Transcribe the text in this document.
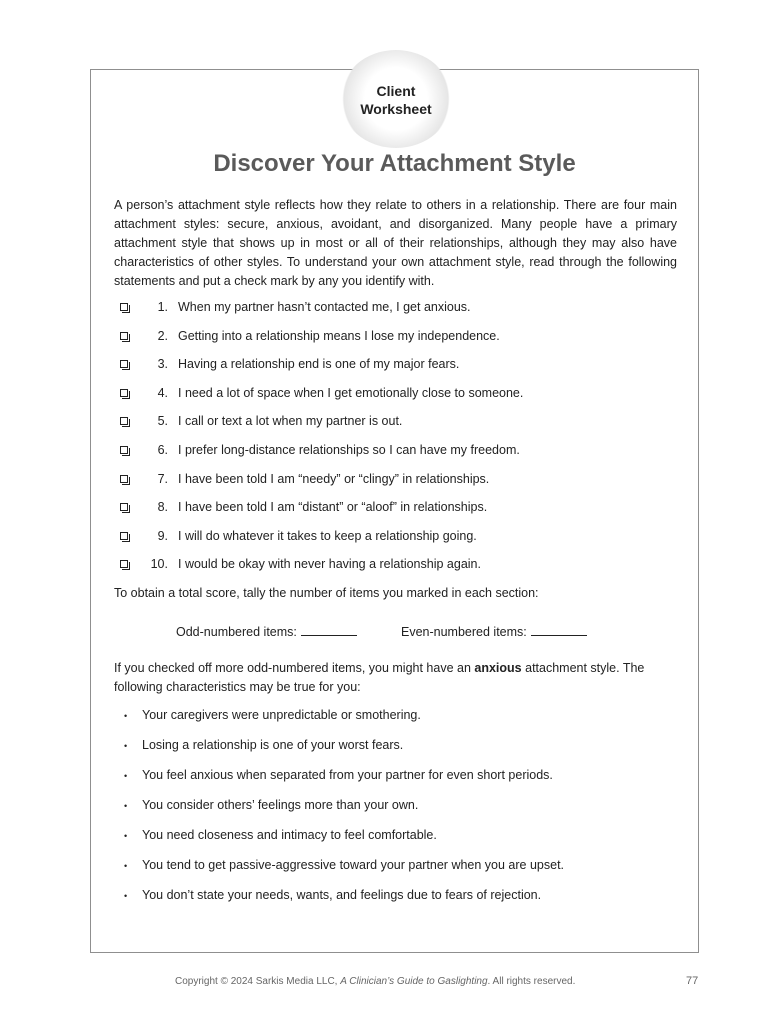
Client
Worksheet
Discover Your Attachment Style
A person’s attachment style reflects how they relate to others in a relationship. There are four main attachment styles: secure, anxious, avoidant, and disorganized. Many people have a primary attachment style that shows up in most or all of their relationships, although they may also have characteristics of other styles. To understand your own attachment style, read through the following statements and put a check mark by any you identify with.
1. When my partner hasn’t contacted me, I get anxious.
2. Getting into a relationship means I lose my independence.
3. Having a relationship end is one of my major fears.
4. I need a lot of space when I get emotionally close to someone.
5. I call or text a lot when my partner is out.
6. I prefer long-distance relationships so I can have my freedom.
7. I have been told I am “needy” or “clingy” in relationships.
8. I have been told I am “distant” or “aloof” in relationships.
9. I will do whatever it takes to keep a relationship going.
10. I would be okay with never having a relationship again.
To obtain a total score, tally the number of items you marked in each section:
Odd-numbered items:	Even-numbered items:
If you checked off more odd-numbered items, you might have an anxious attachment style. The following characteristics may be true for you:
•	Your caregivers were unpredictable or smothering.
•	Losing a relationship is one of your worst fears.
•	You feel anxious when separated from your partner for even short periods.
•	You consider others’ feelings more than your own.
•	You need closeness and intimacy to feel comfortable.
•	You tend to get passive-aggressive toward your partner when you are upset.
•	You don’t state your needs, wants, and feelings due to fears of rejection.
Copyright © 2024 Sarkis Media LLC, A Clinician’s Guide to Gaslighting. All rights reserved.	77
